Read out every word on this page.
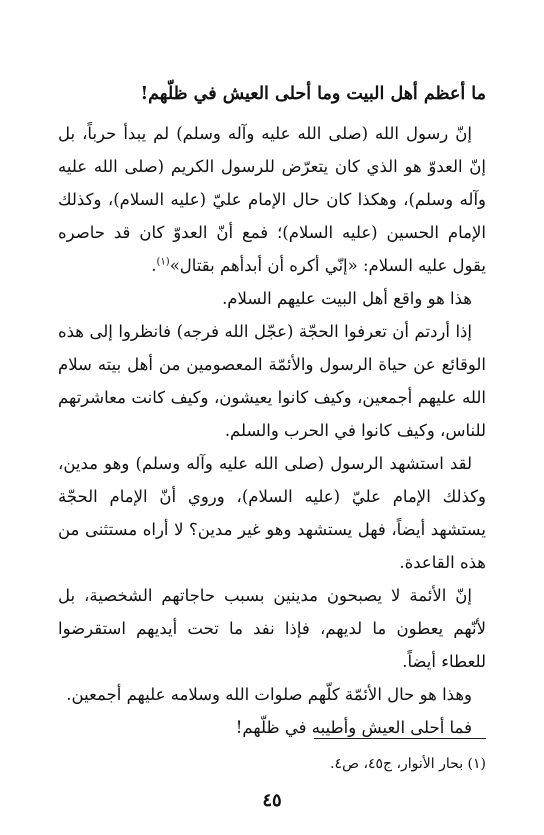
ما أعظم أهل البيت وما أحلى العيش في ظلّهم!

إنّ رسول الله (صلى الله عليه وآله وسلم) لم يبدأ حرباً، بل إنّ العدوّ هو الذي كان يتعرّض للرسول الكريم (صلى الله عليه وآله وسلم)، وهكذا كان حال الإمام عليّ (عليه السلام)، وكذلك الإمام الحسين (عليه السلام)؛ فمع أنّ العدوّ كان قد حاصره يقول عليه السلام: «إنّي أكره أن أبدأهم بقتال»$^{(١)}$.

هذا هو واقع أهل البيت عليهم السلام.

إذا أردتم أن تعرفوا الحجّة (عجّل الله فرجه) فانظروا إلى هذه الوقائع عن حياة الرسول والأئمّة المعصومين من أهل بيته سلام الله عليهم أجمعين، وكيف كانوا يعيشون، وكيف كانت معاشرتهم للناس، وكيف كانوا في الحرب والسلم.

لقد استشهد الرسول (صلى الله عليه وآله وسلم) وهو مدين، وكذلك الإمام عليّ (عليه السلام)، وروي أنّ الإمام الحجّة يستشهد أيضاً، فهل يستشهد وهو غير مدين؟ لا أراه مستثنى من هذه القاعدة.

إنّ الأئمة لا يصبحون مدينين بسبب حاجاتهم الشخصية، بل لأنّهم يعطون ما لديهم، فإذا نفد ما تحت أيديهم استقرضوا للعطاء أيضاً.

وهذا هو حال الأئمّة كلّهم صلوات الله وسلامه عليهم أجمعين.

فما أحلى العيش وأطيبه في ظلّهم!

(١) بحار الأنوار، ج٤٥، ص٤.
٤٥
